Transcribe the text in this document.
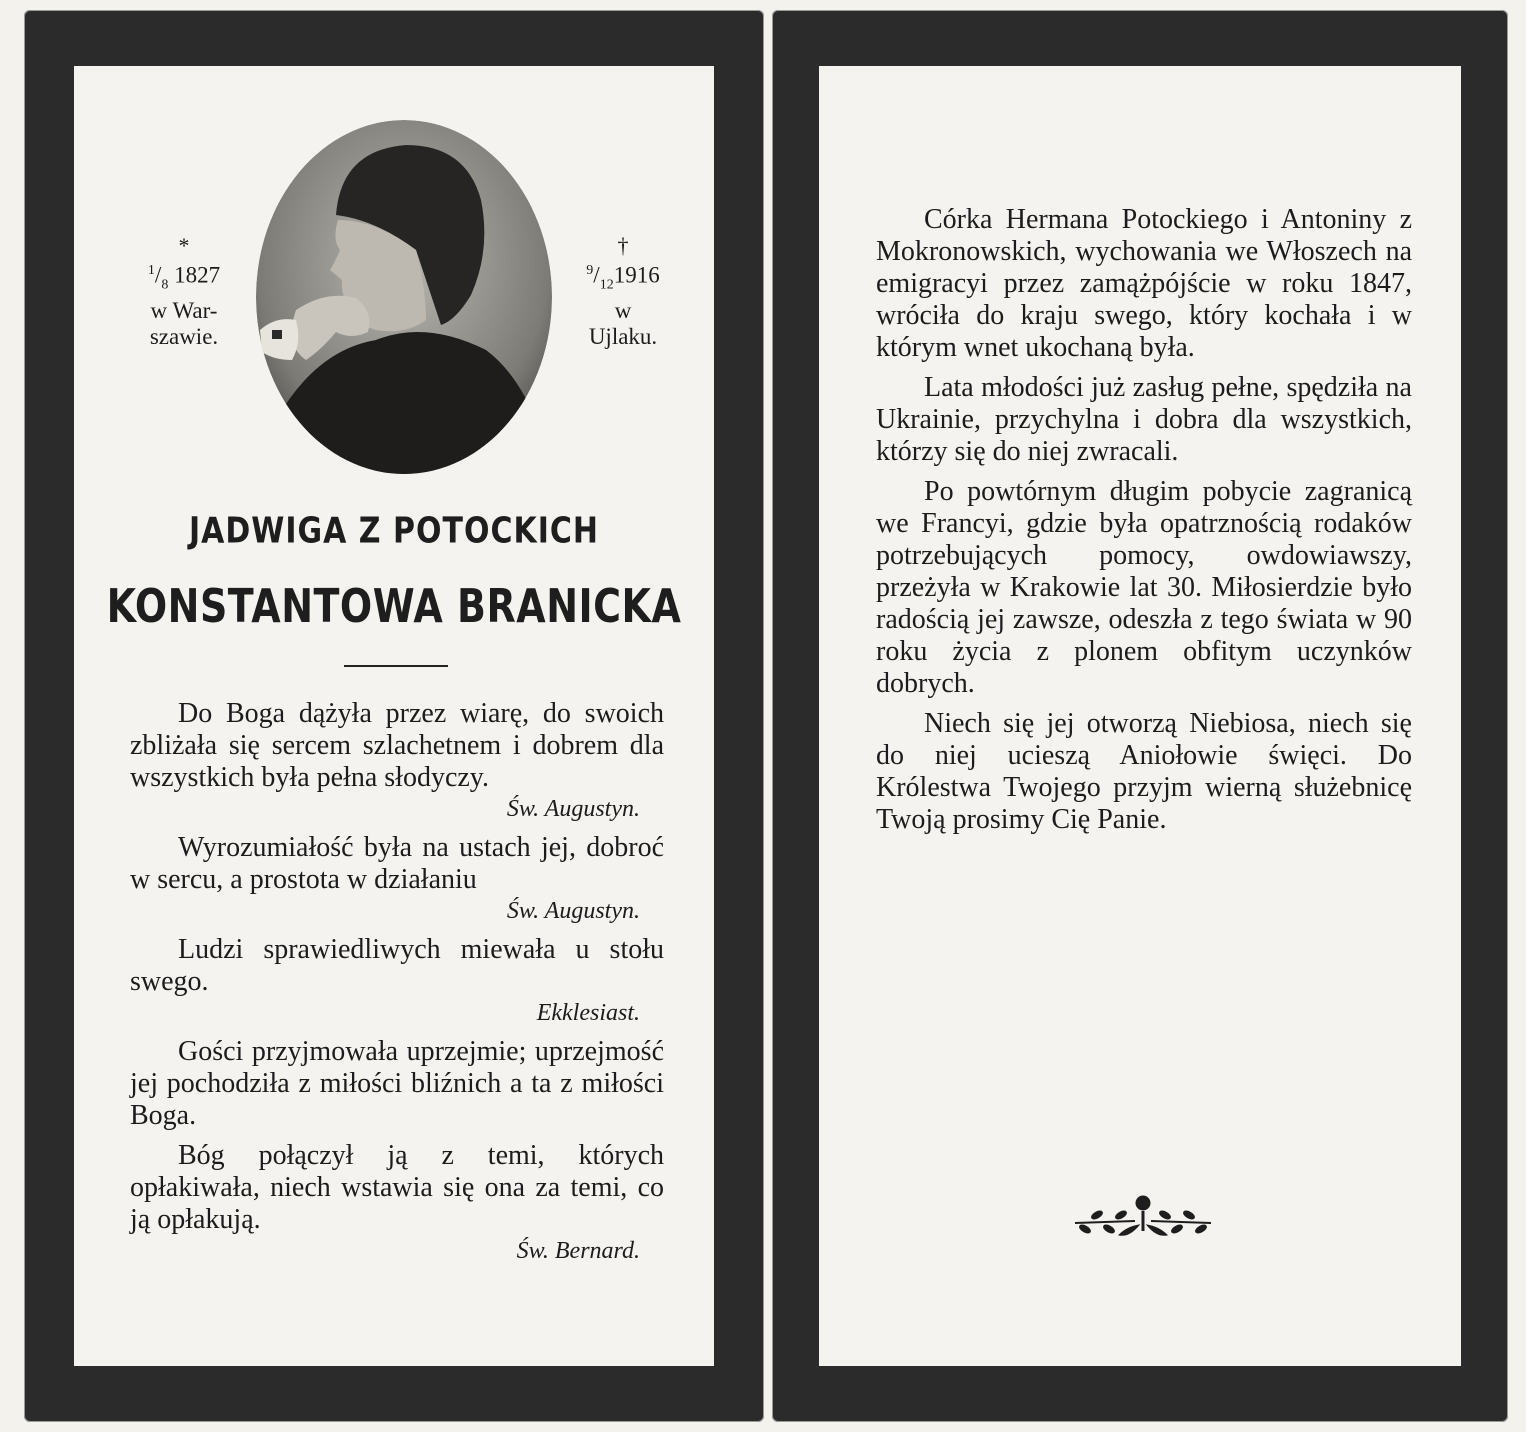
*
$^1/_8$ 1827
w War-
szawie.
†
$^9/_{12}1916$
w
Ujlaku.
JADWIGA Z POTOCKICH
KONSTANTOWA BRANICKA

Do Boga dążyła przez wiarę, do swoich zbliżała się sercem szlachetnem i dobrem dla wszystkich była pełna słodyczy.

Św. Augustyn.

Wyrozumiałość była na ustach jej, dobroć w sercu, a prostota w działaniu

Św. Augustyn.

Ludzi sprawiedliwych miewała u stołu swego.

Ekklesiast.

Gości przyjmowała uprzejmie; uprzejmość jej pochodziła z miłości bliźnich a ta z miłości Boga.

Bóg połączył ją z temi, których opłakiwała, niech wstawia się ona za temi, co ją opłakują.

Św. Bernard.

Córka Hermana Potockiego i Antoniny z Mokronowskich, wychowania we Włoszech na emigracyi przez zamążpójście w roku 1847, wróciła do kraju swego, który kochała i w którym wnet ukochaną była.

Lata młodości już zasług pełne, spędziła na Ukrainie, przychylna i dobra dla wszystkich, którzy się do niej zwracali.

Po powtórnym długim pobycie zagranicą we Francyi, gdzie była opatrznością rodaków potrzebujących pomocy, owdowiawszy, przeżyła w Krakowie lat 30. Miłosierdzie było radością jej zawsze, odeszła z tego świata w 90 roku życia z plonem obfitym uczynków dobrych.

Niech się jej otworzą Niebiosa, niech się do niej ucieszą Aniołowie święci. Do Królestwa Twojego przyjm wierną służebnicę Twoją prosimy Cię Panie.
